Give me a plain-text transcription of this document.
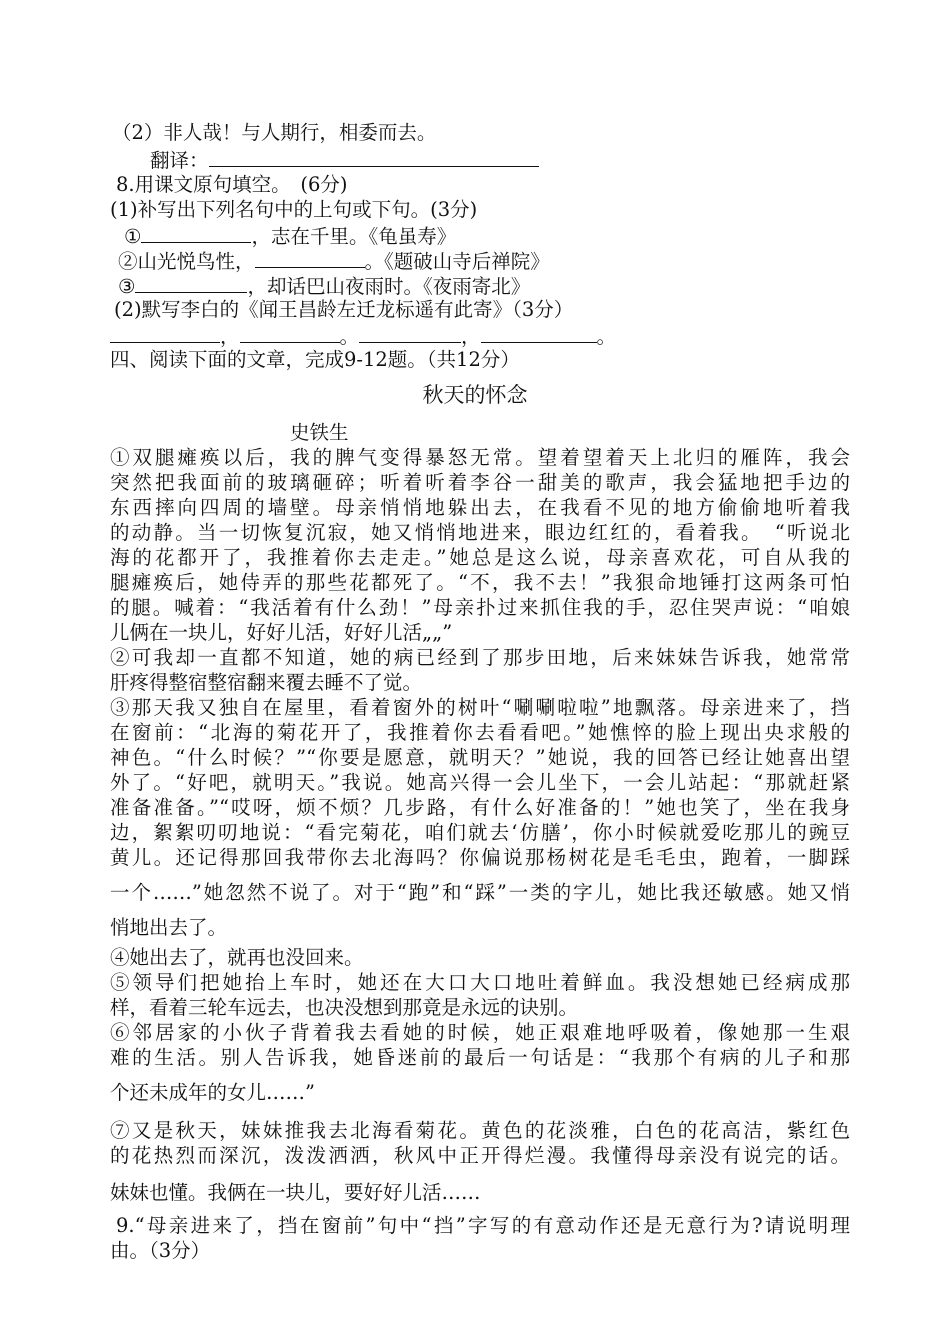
（2）非人哉！与人期行，相委而去。
翻译：
8.用课文原句填空。　(6分)
(1)补写出下列名句中的上句或下句。(3分)
①	，志在千里。《龟虽寿》
②山光悦鸟性，	。《题破山寺后禅院》
③	，却话巴山夜雨时。《夜雨寄北》
(2)默写李白的《闻王昌龄左迁龙标遥有此寄》（3分）
，	。	，	。
四、阅读下面的文章，完成9-12题。（共12分）
秋天的怀念
史铁生
①双腿瘫痪以后，我的脾气变得暴怒无常。望着望着天上北归的雁阵，我会
突然把我面前的玻璃砸碎；听着听着李谷一甜美的歌声，我会猛地把手边的
东西摔向四周的墙壁。母亲悄悄地躲出去，在我看不见的地方偷偷地听着我
的动静。当一切恢复沉寂，她又悄悄地进来，眼边红红的，看着我。　“听说北
海的花都开了，我推着你去走走。”她总是这么说，母亲喜欢花，可自从我的
腿瘫痪后，她侍弄的那些花都死了。“不，我不去！”我狠命地锤打这两条可怕
的腿。喊着：“我活着有什么劲！”母亲扑过来抓住我的手，忍住哭声说：“咱娘
儿俩在一块儿，好好儿活，好好儿活„„”
②可我却一直都不知道，她的病已经到了那步田地，后来妹妹告诉我，她常常
肝疼得整宿整宿翻来覆去睡不了觉。
③那天我又独自在屋里，看着窗外的树叶“唰唰啦啦”地飘落。母亲进来了，挡
在窗前：“北海的菊花开了，我推着你去看看吧。”她憔悴的脸上现出央求般的
神色。“什么时候？”“你要是愿意，就明天？”她说，我的回答已经让她喜出望
外了。“好吧，就明天。”我说。她高兴得一会儿坐下，一会儿站起：“那就赶紧
准备准备。”“哎呀，烦不烦？几步路，有什么好准备的！”她也笑了，坐在我身
边，絮絮叨叨地说：“看完菊花，咱们就去‘仿膳’，你小时候就爱吃那儿的豌豆
黄儿。还记得那回我带你去北海吗？你偏说那杨树花是毛毛虫，跑着，一脚踩
一个……”她忽然不说了。对于“跑”和“踩”一类的字儿，她比我还敏感。她又悄
悄地出去了。
④她出去了，就再也没回来。
⑤领导们把她抬上车时，她还在大口大口地吐着鲜血。我没想她已经病成那
样，看着三轮车远去，也决没想到那竟是永远的诀别。
⑥邻居家的小伙子背着我去看她的时候，她正艰难地呼吸着，像她那一生艰
难的生活。别人告诉我，她昏迷前的最后一句话是：“我那个有病的儿子和那
个还未成年的女儿……”
⑦又是秋天，妹妹推我去北海看菊花。黄色的花淡雅，白色的花高洁，紫红色
的花热烈而深沉，泼泼洒洒，秋风中正开得烂漫。我懂得母亲没有说完的话。
妹妹也懂。我俩在一块儿，要好好儿活……
9.“母亲进来了，挡在窗前”句中“挡”字写的有意动作还是无意行为?请说明理
由。（3分）
